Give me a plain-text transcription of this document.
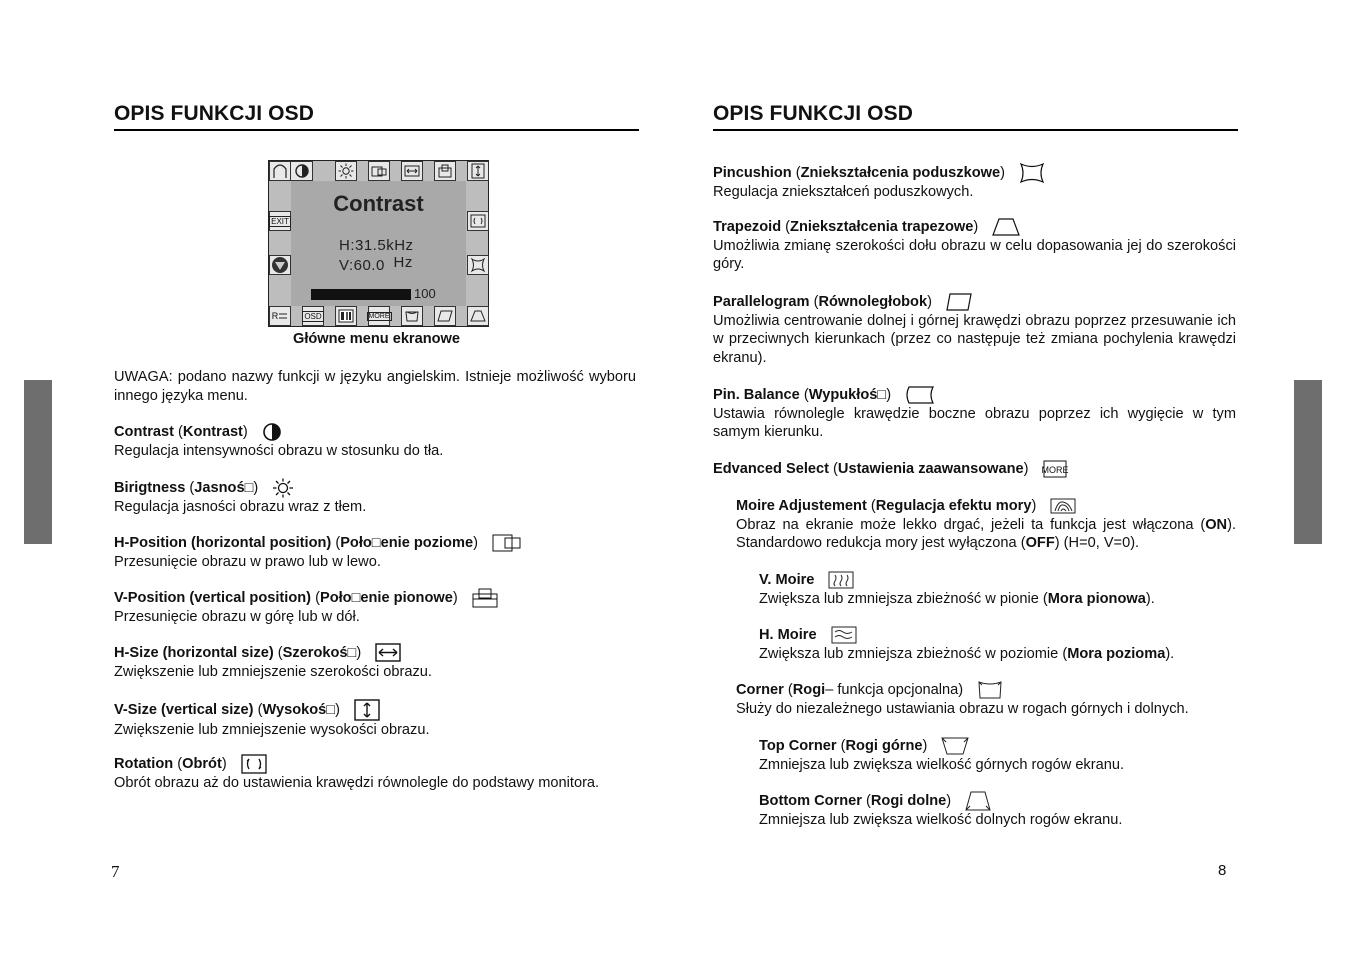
OPIS FUNKCJI OSD
EXIT
R	OSD	MORE
Contrast
H:31.5kHz
V:60.0 Hz
100
Główne menu ekranowe
UWAGA: podano nazwy funkcji w języku angielskim. Istnieje możliwość wyboru innego języka menu.
Contrast ( Kontrast )
Regulacja intensywności obrazu w stosunku do tła.
Birigtness ( Jasnoś□ )
Regulacja jasności obrazu wraz z tłem.
H-Position (horizontal position) ( Poło□enie poziome )
Przesunięcie obrazu w prawo lub w lewo.
V-Position (vertical position) ( Poło□enie pionowe )
Przesunięcie obrazu w górę lub w dół.
H-Size (horizontal size) ( Szerokoś□ )
Zwiększenie lub zmniejszenie szerokości obrazu.
V-Size (vertical size) ( Wysokoś□ )
Zwiększenie lub zmniejszenie wysokości obrazu.
Rotation ( Obrót )
Obrót obrazu aż do ustawienia krawędzi równolegle do podstawy monitora.
7
OPIS FUNKCJI OSD
Pincushion ( Zniekształcenia poduszkowe )
Regulacja zniekształceń poduszkowych.
Trapezoid ( Zniekształcenia trapezowe )
Umożliwia zmianę szerokości dołu obrazu w celu dopasowania jej do szerokości góry.
Parallelogram ( Równoległobok )
Umożliwia centrowanie dolnej i górnej krawędzi obrazu poprzez przesuwanie ich w przeciwnych kierunkach (przez co następuje też zmiana pochylenia krawędzi ekranu).
Pin. Balance ( Wypukłoś□ )
Ustawia równolegle krawędzie boczne obrazu poprzez ich wygięcie w tym samym kierunku.
Edvanced Select ( Ustawienia zaawansowane ) MORE
Moire Adjustement ( Regulacja efektu mory )
Obraz na ekranie może lekko drgać, jeżeli ta funkcja jest włączona (ON). Standardowo redukcja mory jest wyłączona (OFF) (H=0, V=0).
V. Moire
Zwiększa lub zmniejsza zbieżność w pionie (Mora pionowa).
H. Moire
Zwiększa lub zmniejsza zbieżność w poziomie (Mora pozioma).
Corner ( Rogi – funkcja opcjonalna)
Służy do niezależnego ustawiania obrazu w rogach górnych i dolnych.
Top Corner ( Rogi górne )
Zmniejsza lub zwiększa wielkość górnych rogów ekranu.
Bottom Corner ( Rogi dolne )
Zmniejsza lub zwiększa wielkość dolnych rogów ekranu.
8
